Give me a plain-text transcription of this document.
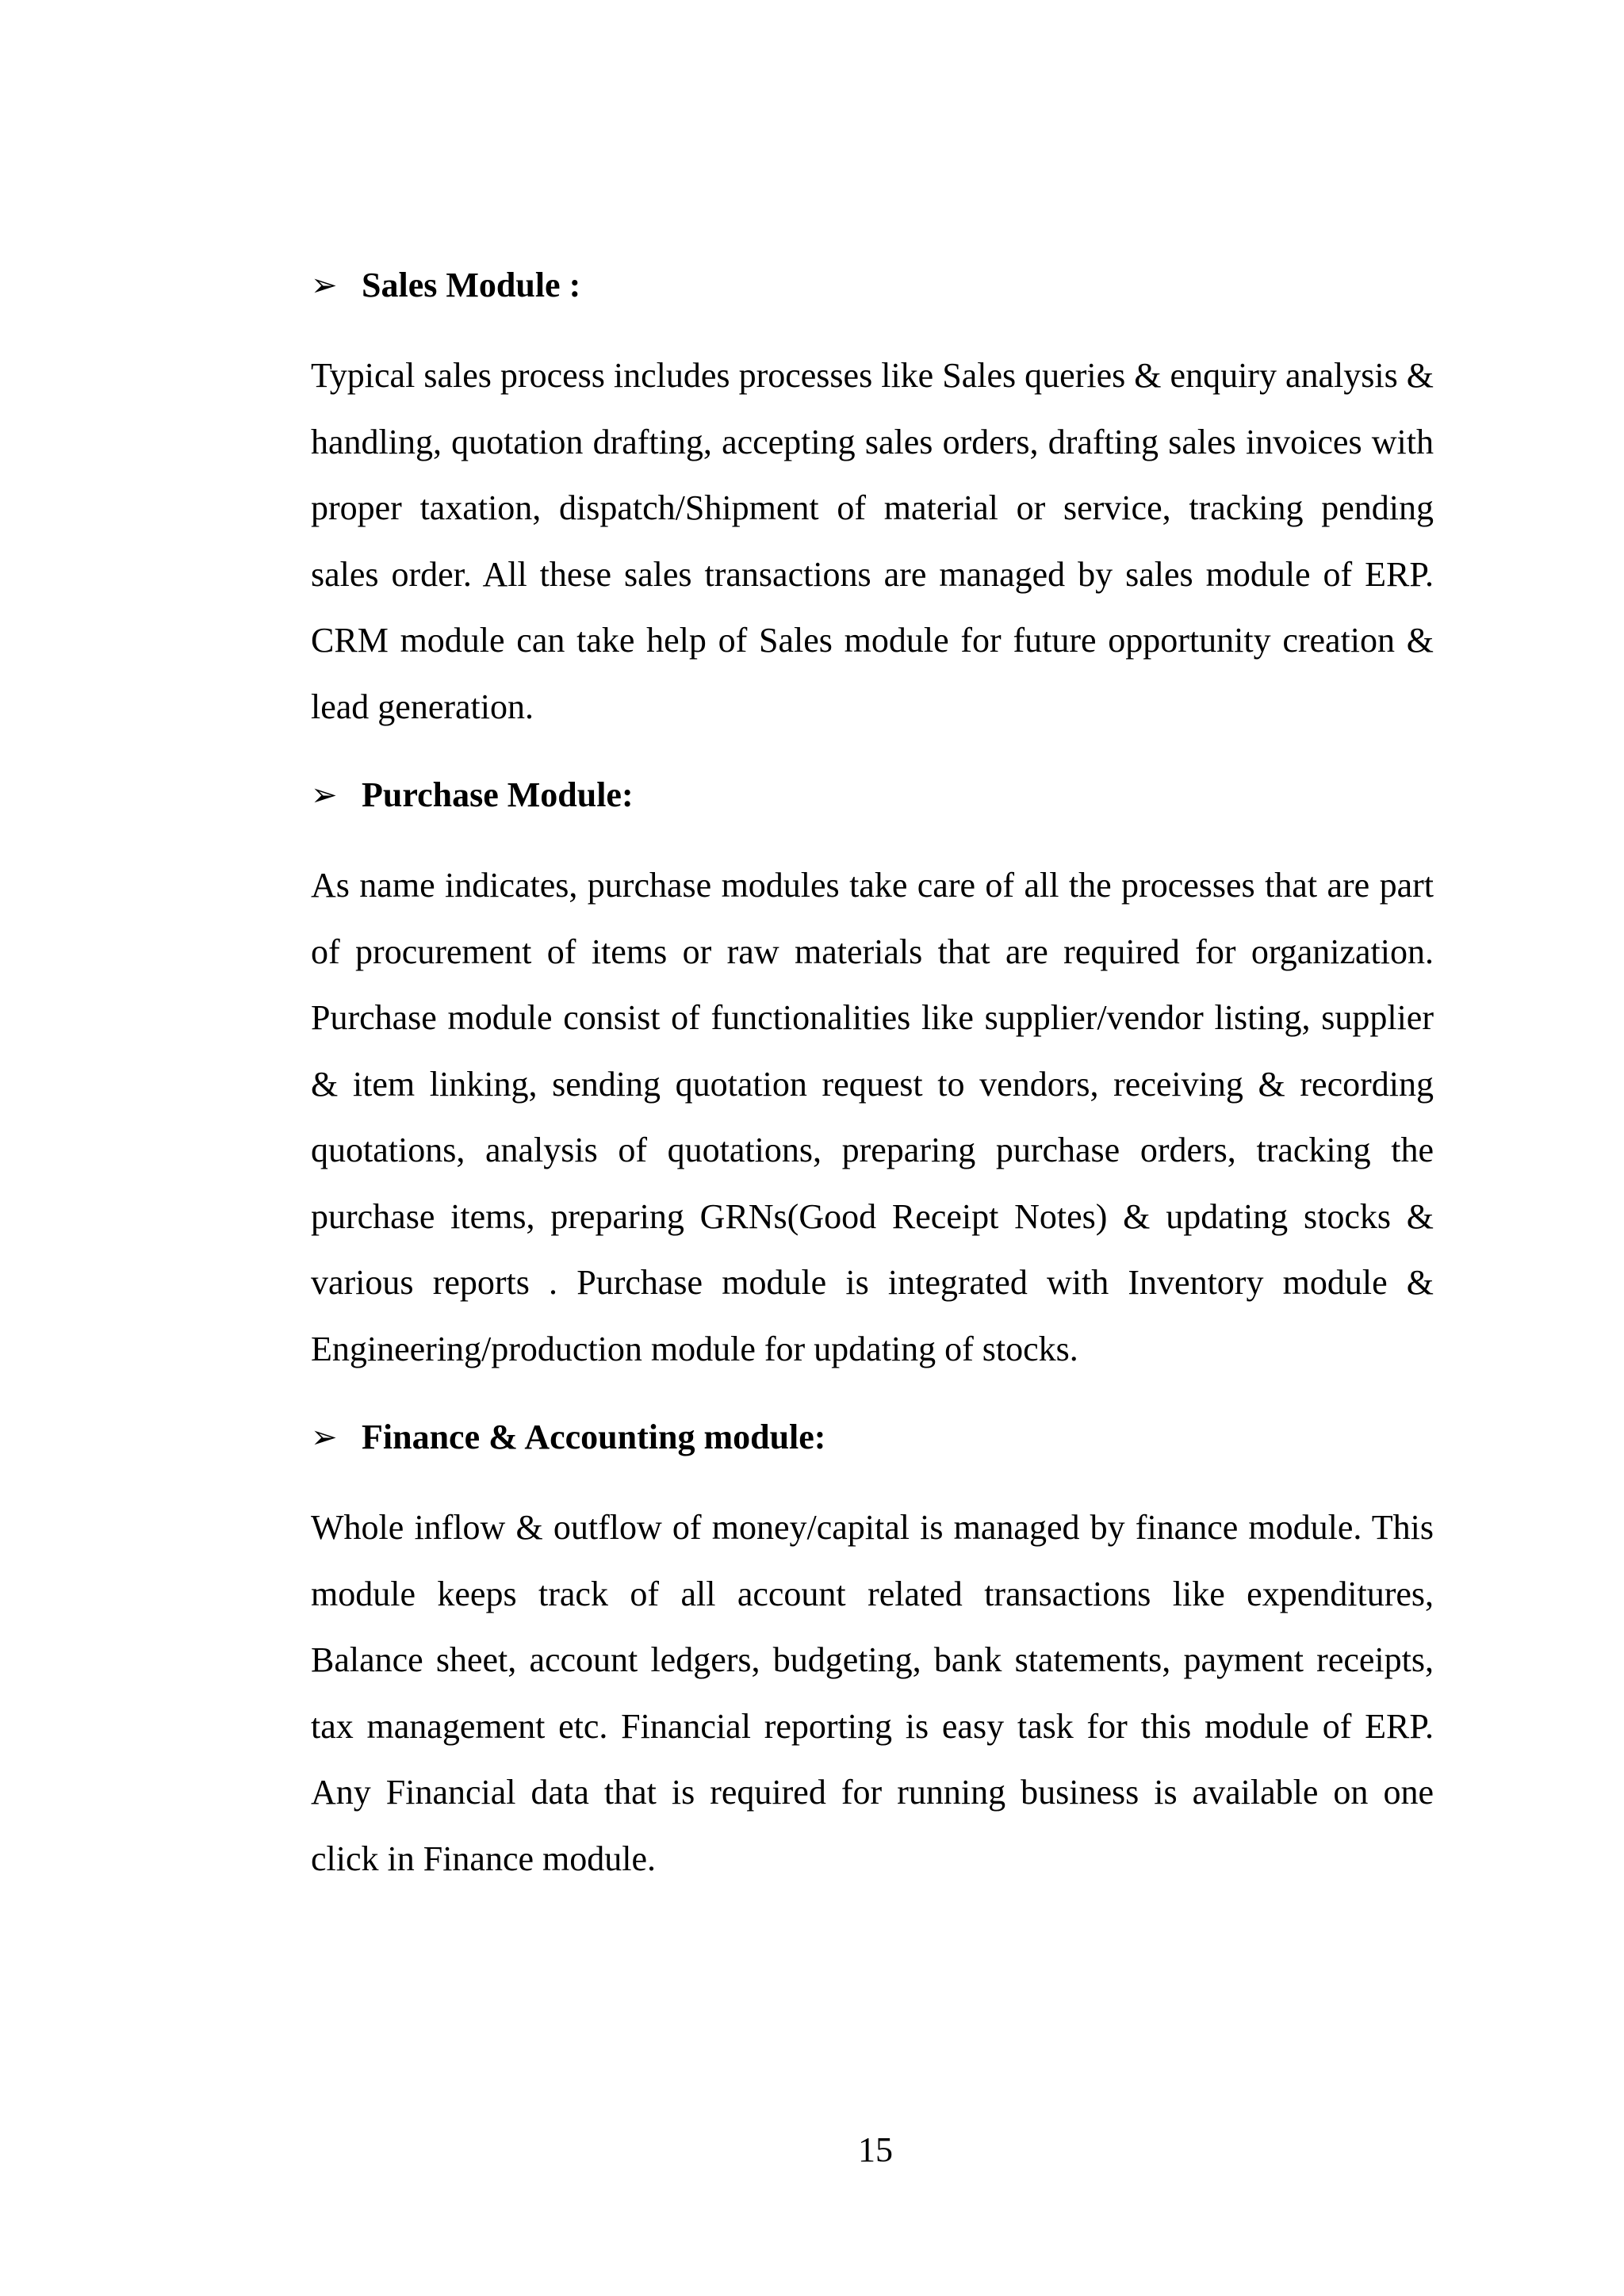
➢ Sales Module :

Typical sales process includes processes like Sales queries & enquiry analysis & handling, quotation drafting, accepting sales orders, drafting sales invoices with proper taxation, dispatch/Shipment of material or service, tracking pending sales order. All these sales transactions are managed by sales module of ERP. CRM module can take help of Sales module for future opportunity creation & lead generation.

➢ Purchase Module:

As name indicates, purchase modules take care of all the processes that are part of procurement of items or raw materials that are required for organization. Purchase module consist of functionalities like supplier/vendor listing, supplier & item linking, sending quotation request to vendors, receiving & recording quotations, analysis of quotations, preparing purchase orders, tracking the purchase items, preparing GRNs(Good Receipt Notes) & updating stocks & various reports . Purchase module is integrated with Inventory module & Engineering/production module for updating of stocks.

➢ Finance & Accounting module:

Whole inflow & outflow of money/capital is managed by finance module. This module keeps track of all account related transactions like expenditures, Balance sheet, account ledgers, budgeting, bank statements, payment receipts, tax management etc. Financial reporting is easy task for this module of ERP. Any Financial data that is required for running business is available on one click in Finance module.

15
